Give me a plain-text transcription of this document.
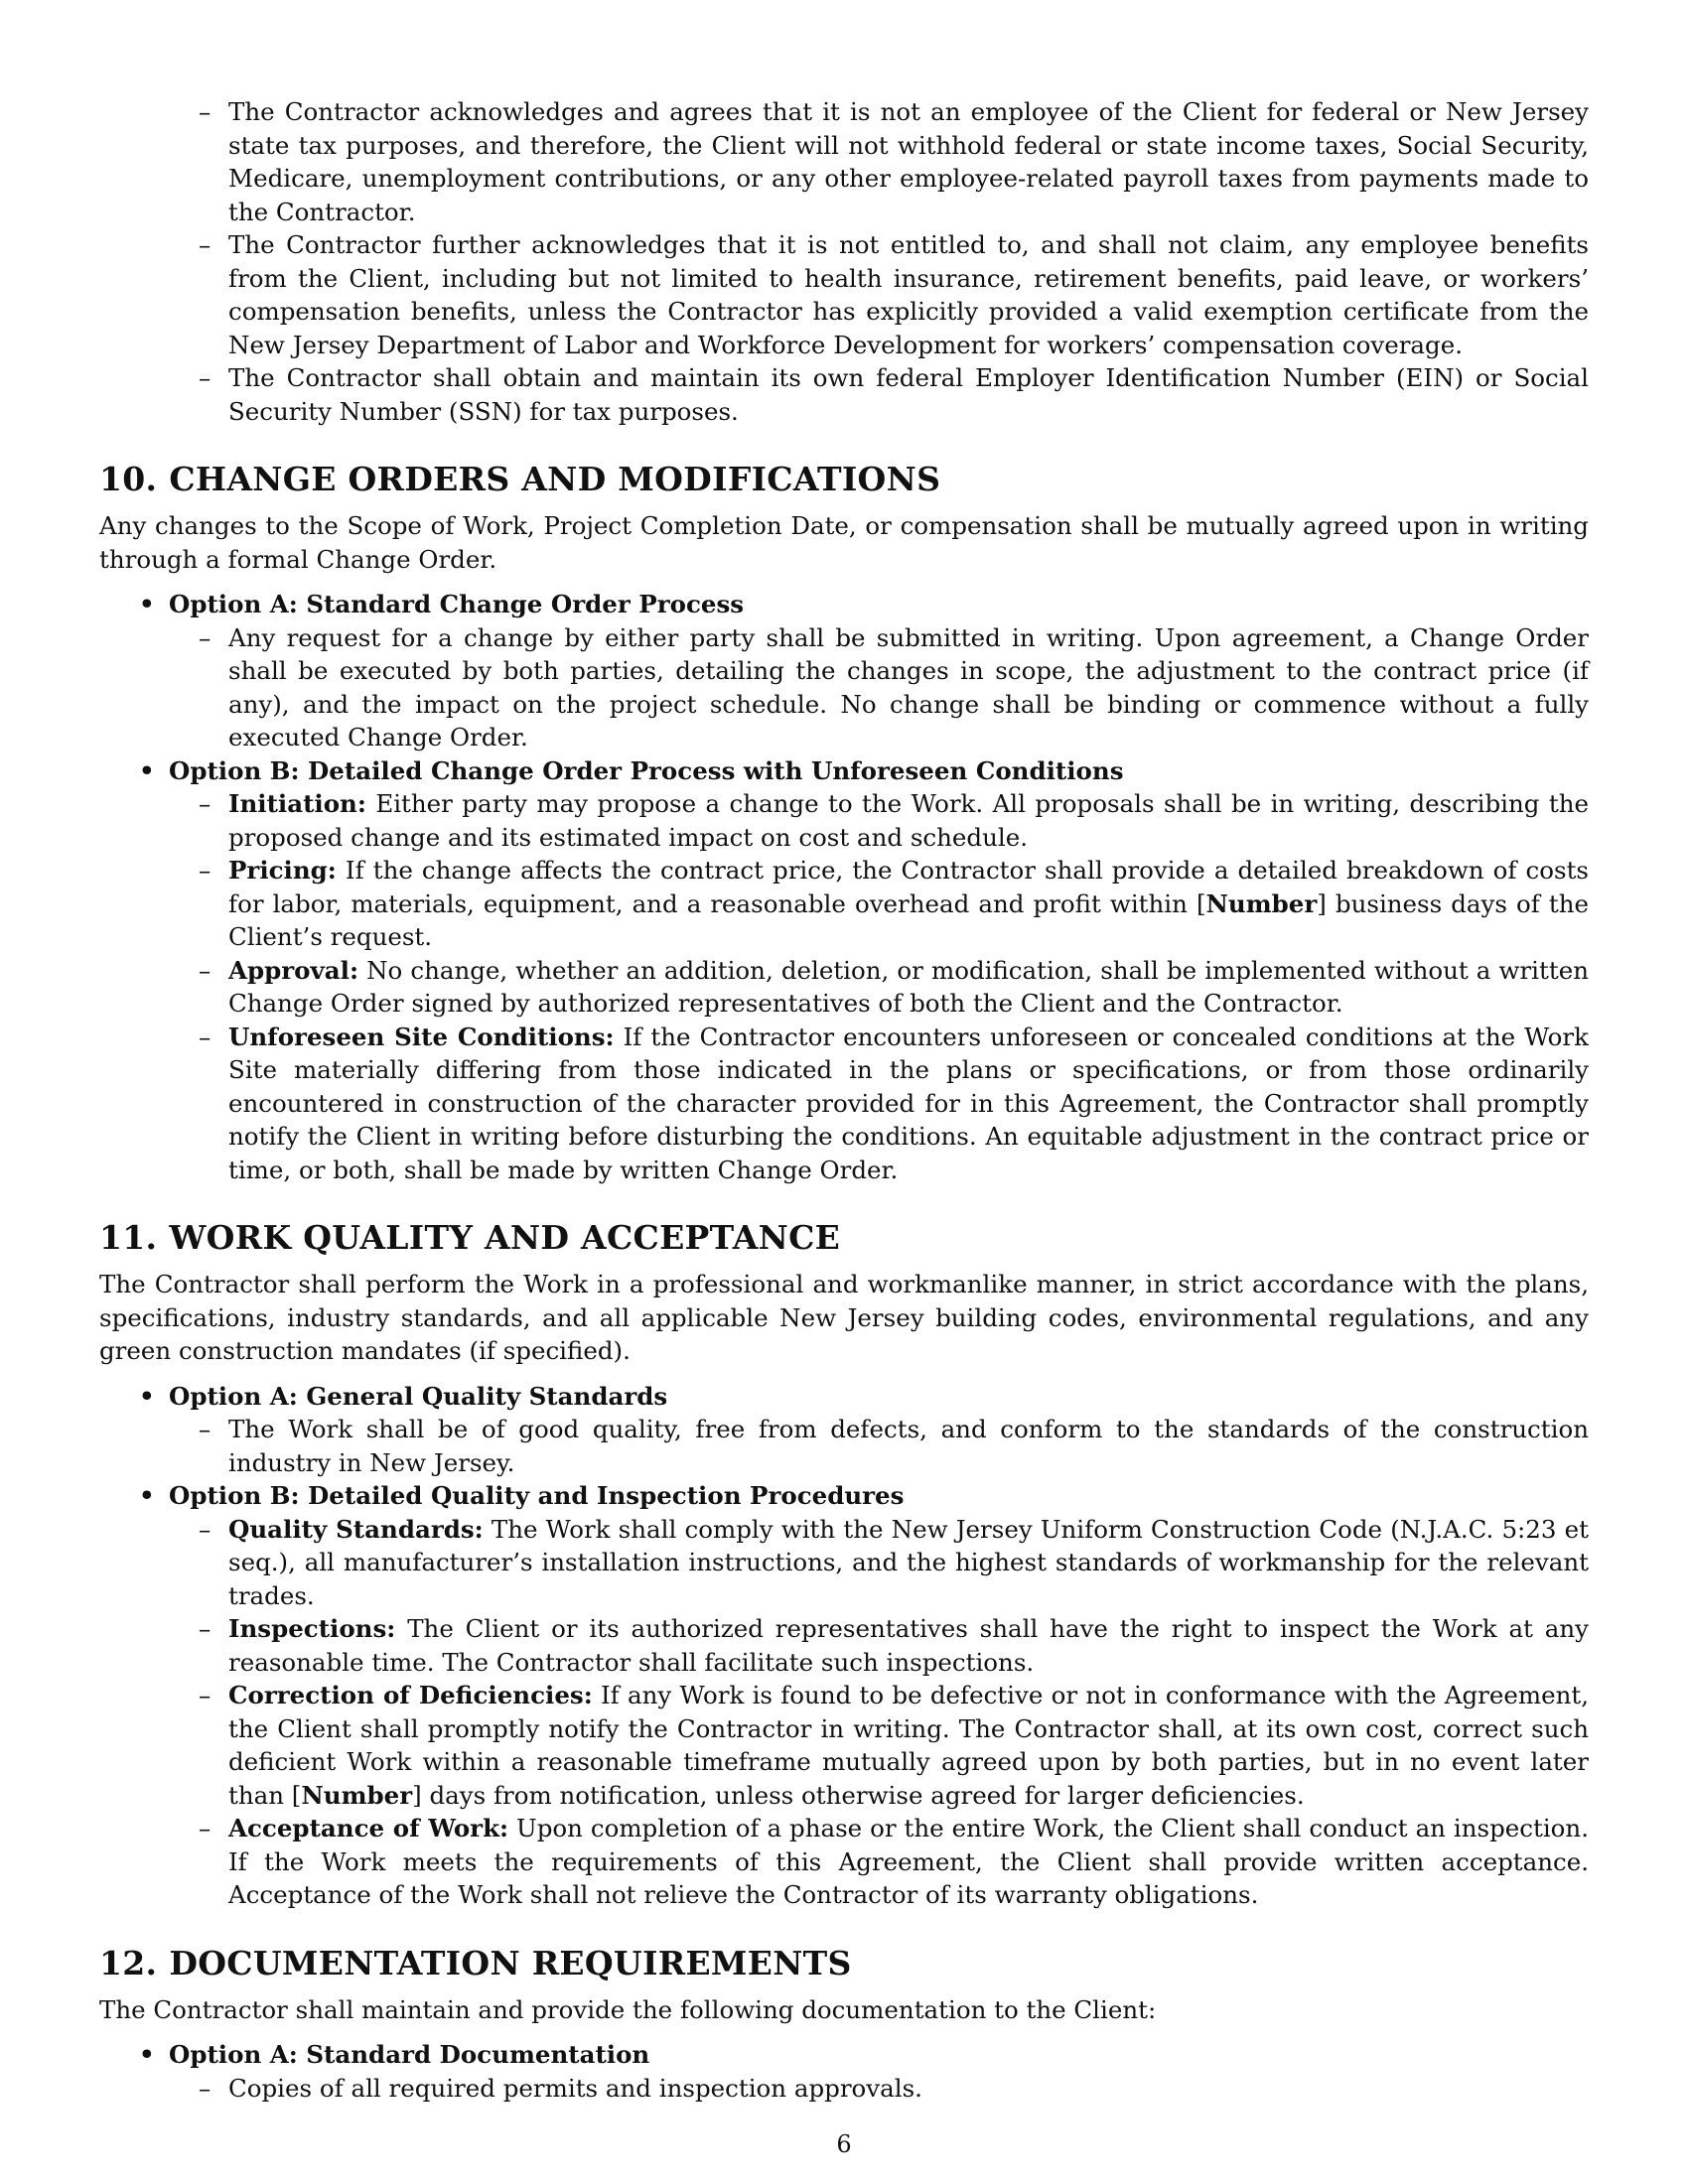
– The Contractor acknowledges and agrees that it is not an employee of the Client for federal or New Jersey state tax purposes, and therefore, the Client will not withhold federal or state income taxes, Social Security, Medicare, unemployment contributions, or any other employee-related payroll taxes from payments made to the Contractor.
– The Contractor further acknowledges that it is not entitled to, and shall not claim, any employee benefits from the Client, including but not limited to health insurance, retirement benefits, paid leave, or workers’ compensation benefits, unless the Contractor has explicitly provided a valid exemption certificate from the New Jersey Department of Labor and Workforce Development for workers’ compensation coverage.
– The Contractor shall obtain and maintain its own federal Employer Identification Number (EIN) or Social Security Number (SSN) for tax purposes.
10. CHANGE ORDERS AND MODIFICATIONS

Any changes to the Scope of Work, Project Completion Date, or compensation shall be mutually agreed upon in writing through a formal Change Order.

• Option A: Standard Change Order Process
– Any request for a change by either party shall be submitted in writing. Upon agreement, a Change Order shall be executed by both parties, detailing the changes in scope, the adjustment to the contract price (if any), and the impact on the project schedule. No change shall be binding or commence without a fully executed Change Order.
• Option B: Detailed Change Order Process with Unforeseen Conditions
– Initiation: Either party may propose a change to the Work. All proposals shall be in writing, describing the proposed change and its estimated impact on cost and schedule.
– Pricing: If the change affects the contract price, the Contractor shall provide a detailed breakdown of costs for labor, materials, equipment, and a reasonable overhead and profit within [Number] business days of the Client’s request.
– Approval: No change, whether an addition, deletion, or modification, shall be implemented without a written Change Order signed by authorized representatives of both the Client and the Contractor.
– Unforeseen Site Conditions: If the Contractor encounters unforeseen or concealed conditions at the Work Site materially differing from those indicated in the plans or specifications, or from those ordinarily encountered in construction of the character provided for in this Agreement, the Contractor shall promptly notify the Client in writing before disturbing the conditions. An equitable adjustment in the contract price or time, or both, shall be made by written Change Order.
11. WORK QUALITY AND ACCEPTANCE

The Contractor shall perform the Work in a professional and workmanlike manner, in strict accordance with the plans, specifications, industry standards, and all applicable New Jersey building codes, environmental regulations, and any green construction mandates (if specified).

• Option A: General Quality Standards
– The Work shall be of good quality, free from defects, and conform to the standards of the construction industry in New Jersey.
• Option B: Detailed Quality and Inspection Procedures
– Quality Standards: The Work shall comply with the New Jersey Uniform Construction Code (N.J.A.C. 5:23 et seq.), all manufacturer’s installation instructions, and the highest standards of workmanship for the relevant trades.
– Inspections: The Client or its authorized representatives shall have the right to inspect the Work at any reasonable time. The Contractor shall facilitate such inspections.
– Correction of Deficiencies: If any Work is found to be defective or not in conformance with the Agreement, the Client shall promptly notify the Contractor in writing. The Contractor shall, at its own cost, correct such deficient Work within a reasonable timeframe mutually agreed upon by both parties, but in no event later than [Number] days from notification, unless otherwise agreed for larger deficiencies.
– Acceptance of Work: Upon completion of a phase or the entire Work, the Client shall conduct an inspection. If the Work meets the requirements of this Agreement, the Client shall provide written acceptance. Acceptance of the Work shall not relieve the Contractor of its warranty obligations.
12. DOCUMENTATION REQUIREMENTS

The Contractor shall maintain and provide the following documentation to the Client:

• Option A: Standard Documentation
– Copies of all required permits and inspection approvals.
6
